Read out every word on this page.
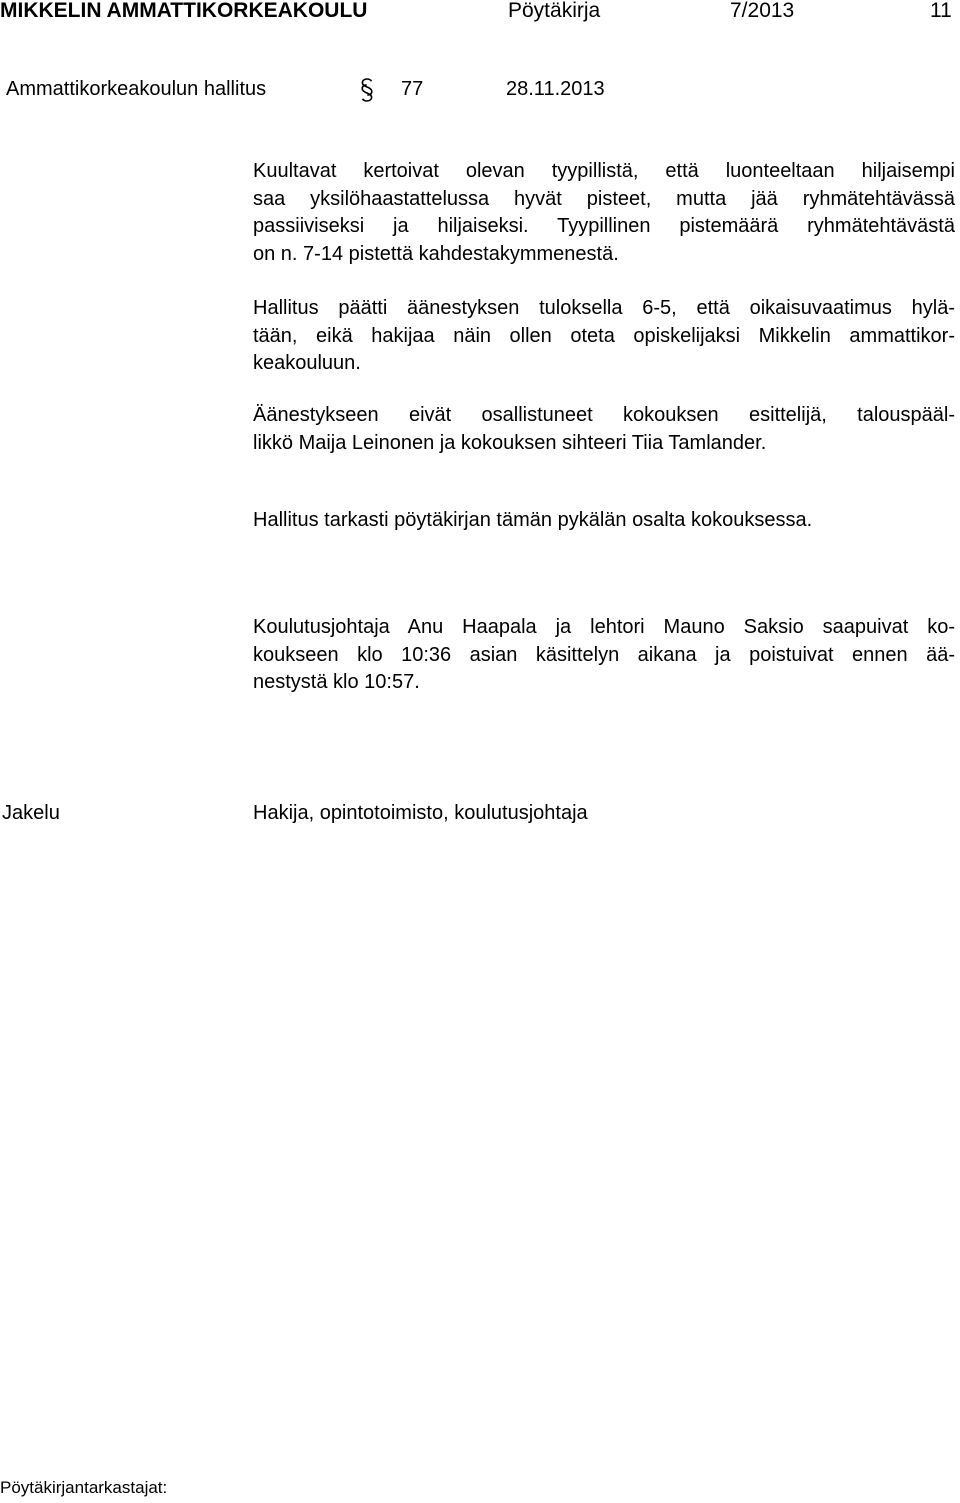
MIKKELIN AMMATTIKORKEAKOULU	Pöytäkirja	7/2013	11
Ammattikorkeakoulun hallitus	77	28.11.2013
Kuultavat kertoivat olevan tyypillistä, että luonteeltaan hiljaisempi
saa yksilöhaastattelussa hyvät pisteet, mutta jää ryhmätehtävässä
passiiviseksi ja hiljaiseksi. Tyypillinen pistemäärä ryhmätehtävästä
on n. 7-14 pistettä kahdestakymmenestä.
Hallitus päätti äänestyksen tuloksella 6-5, että oikaisuvaatimus hylä-
tään, eikä hakijaa näin ollen oteta opiskelijaksi Mikkelin ammattikor-
keakouluun.
Äänestykseen eivät osallistuneet kokouksen esittelijä, talouspääl-
likkö Maija Leinonen ja kokouksen sihteeri Tiia Tamlander.
Hallitus tarkasti pöytäkirjan tämän pykälän osalta kokouksessa.
Koulutusjohtaja Anu Haapala ja lehtori Mauno Saksio saapuivat ko-
koukseen klo 10:36 asian käsittelyn aikana ja poistuivat ennen ää-
nestystä klo 10:57.
Jakelu	Hakija, opintotoimisto, koulutusjohtaja
Pöytäkirjantarkastajat:
